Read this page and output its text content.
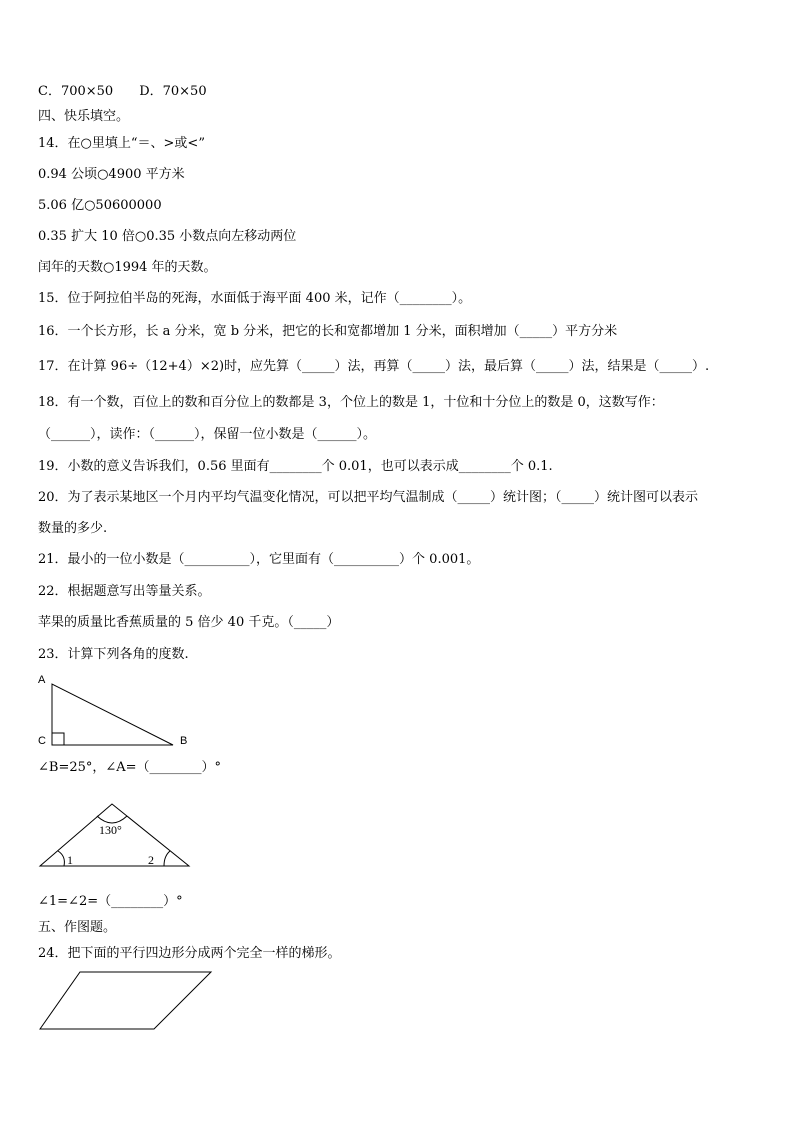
C．700×50　　D．70×50
四、快乐填空。
14．在○里填上“＝、>或<”
0.94 公顷○4900 平方米
5.06 亿○50600000
0.35 扩大 10 倍○0.35 小数点向左移动两位
闰年的天数○1994 年的天数。
15．位于阿拉伯半岛的死海，水面低于海平面 400 米，记作（________）。
16．一个长方形，长 a 分米，宽 b 分米，把它的长和宽都增加 1 分米，面积增加（_____）平方分米
17．在计算 96÷（12+4）×2)时，应先算（_____）法，再算（_____）法，最后算（_____）法，结果是（_____）.
18．有一个数，百位上的数和百分位上的数都是 3，个位上的数是 1，十位和十分位上的数是 0，这数写作：
（______），读作：（______），保留一位小数是（______）。
19．小数的意义告诉我们，0.56 里面有________个 0.01，也可以表示成________个 0.1.
20．为了表示某地区一个月内平均气温变化情况，可以把平均气温制成（_____）统计图；（_____）统计图可以表示
数量的多少.
21．最小的一位小数是（__________），它里面有（__________）个 0.001。
22．根据题意写出等量关系。
苹果的质量比香蕉质量的 5 倍少 40 千克。（_____）
23．计算下列各角的度数.
A
C	B
130°
1	2
∠B=25°，∠A=（________）°
∠1=∠2=（________）°
五、作图题。
24．把下面的平行四边形分成两个完全一样的梯形。
